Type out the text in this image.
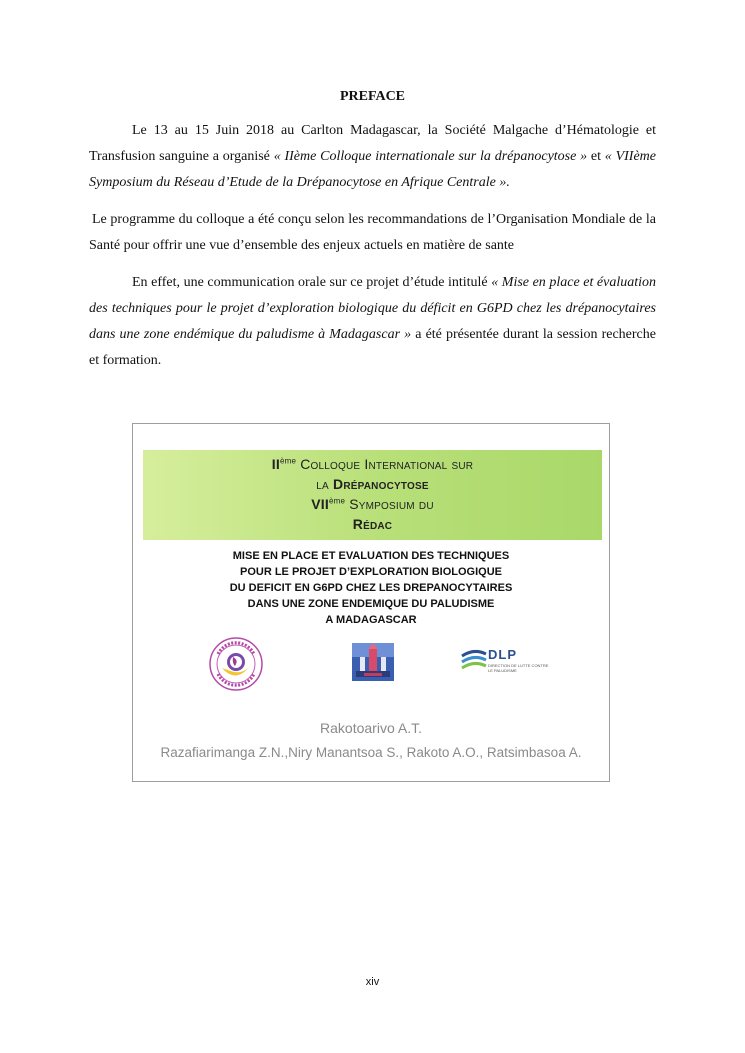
PREFACE

Le 13 au 15 Juin 2018 au Carlton Madagascar, la Société Malgache d’Hématologie et Transfusion sanguine a organisé « IIème Colloque internationale sur la drépanocytose » et « VIIème Symposium du Réseau d’Etude de la Drépanocytose en Afrique Centrale ».

Le programme du colloque a été conçu selon les recommandations de l’Organisation Mondiale de la Santé pour offrir une vue d’ensemble des enjeux actuels en matière de sante

En effet, une communication orale sur ce projet d’étude intitulé « Mise en place et évaluation des techniques pour le projet d’exploration biologique du déficit en G6PD chez les drépanocytaires dans une zone endémique du paludisme à Madagascar » a été présentée durant la session recherche et formation.

IIème Colloque International sur
la Drépanocytose
VIIème Symposium du
Rédac
MISE EN PLACE ET EVALUATION DES TECHNIQUES
POUR LE PROJET D’EXPLORATION BIOLOGIQUE
DU DEFICIT EN G6PD CHEZ LES DREPANOCYTAIRES
DANS UNE ZONE ENDEMIQUE DU PALUDISME
A MADAGASCAR
DLP
DIRECTION DE LUTTE CONTRE LE PALUDISME
Rakotoarivo A.T.
Razafiarimanga Z.N.,Niry Manantsoa S., Rakoto A.O., Ratsimbasoa A.
xiv
